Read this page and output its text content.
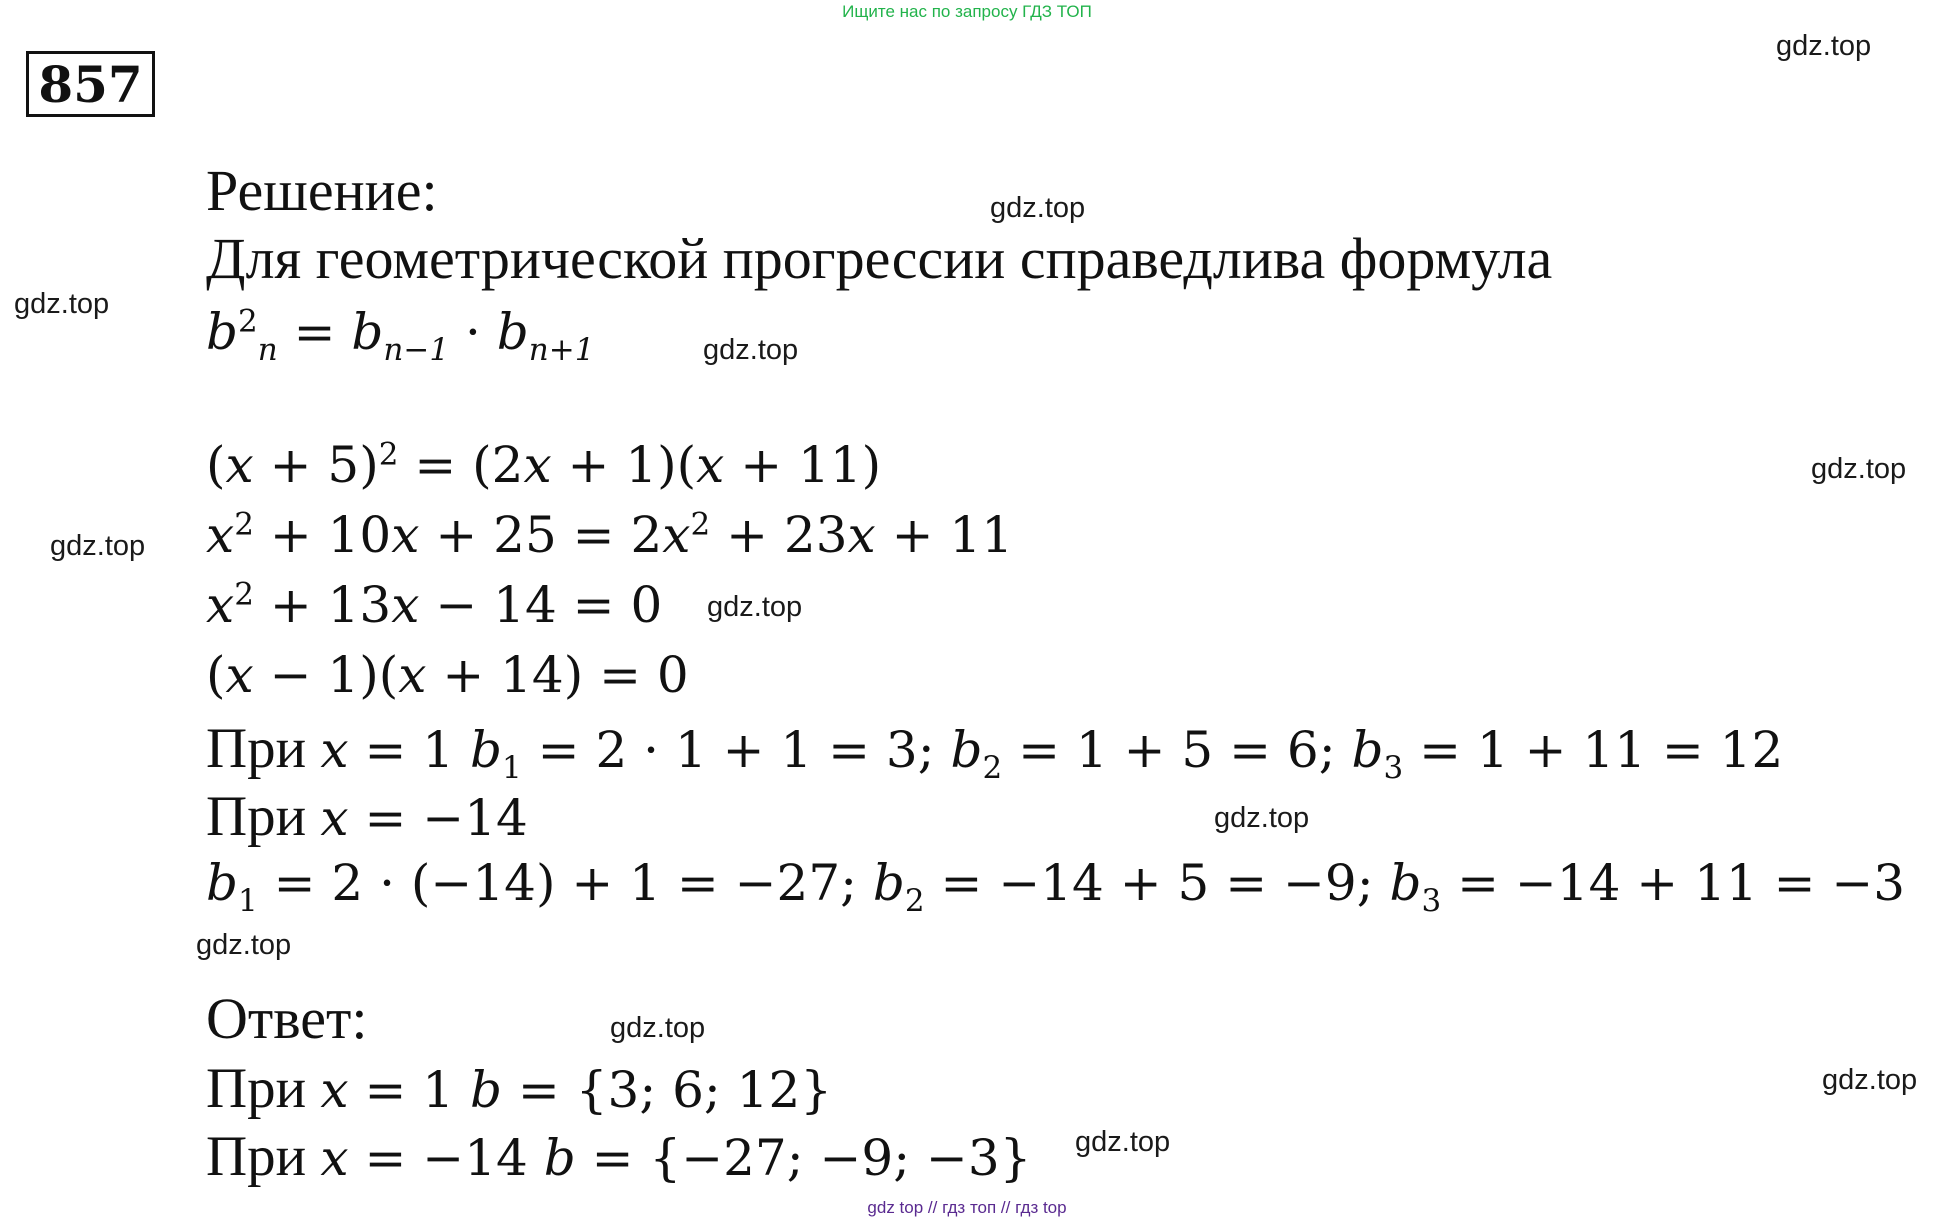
Ищите нас по запросу ГДЗ ТОП
857
Решение:
Для геометрической прогрессии справедлива формула
$b^2_n = b_{n-1} \cdot b_{n+1}$
$(x + 5)^2 = (2x + 1)(x + 11)$
$x^2 + 10x + 25 = 2x^2 + 23x + 11$
$x^2 + 13x - 14 = 0$
(x − 1)(x + 14) = 0
При x = 1 $b_1 = 2 \cdot 1 + 1 = 3$; $b_2 = 1 + 5 = 6$; $b_3 = 1 + 11 = 12$
При x = −14
$b_1 = 2 \cdot (-14) + 1 = -27$; $b_2 = -14 + 5 = -9$; $b_3 = -14 + 11 = -3$
Ответ:
При x = 1 b = {3; 6; 12}
При x = −14 b = {−27; −9; −3}
gdz.top
gdz.top
gdz.top
gdz.top
gdz.top
gdz.top
gdz.top
gdz.top
gdz.top
gdz.top
gdz.top
gdz.top
gdz top // гдз топ // гдз top
